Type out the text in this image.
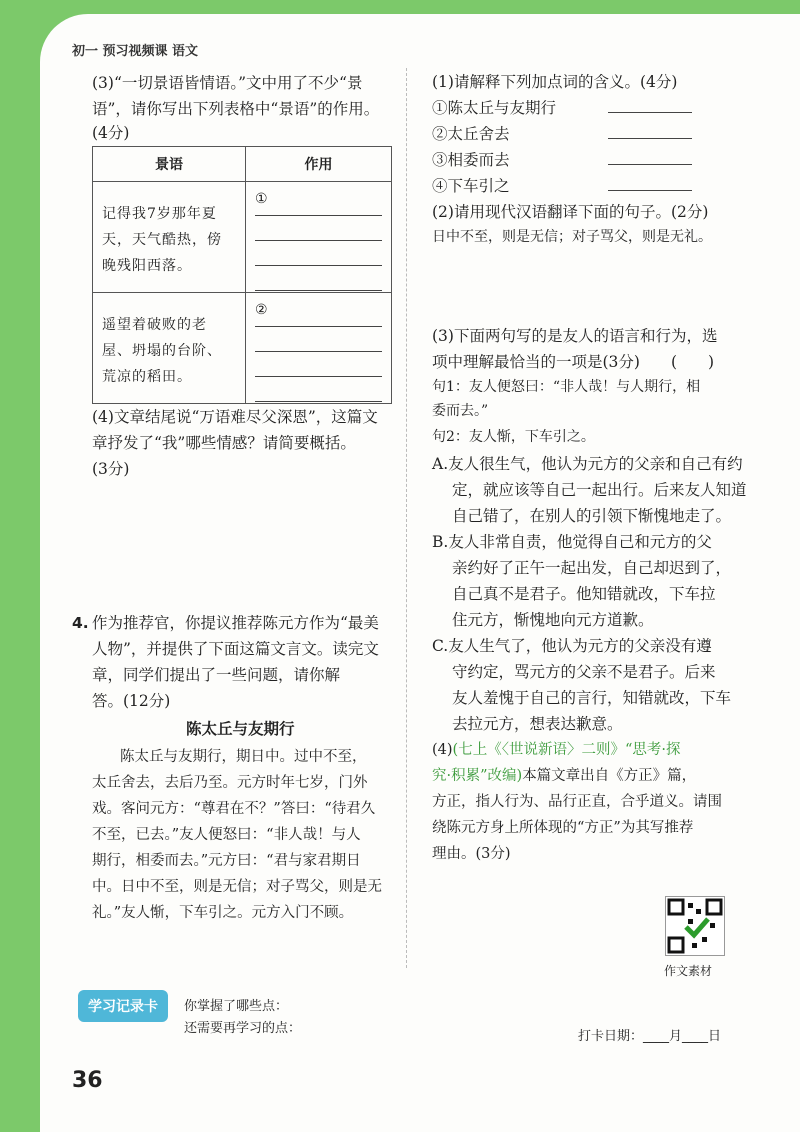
初一 预习视频课 语文
(3)“一切景语皆情语。”文中用了不少“景
语”，请你写出下列表格中“景语”的作用。
(4分)
景语	作用

记得我7岁那年夏天，天气酷热，傍晚残阳西落。	①

遥望着破败的老屋、坍塌的台阶、荒凉的稻田。	②
(4)文章结尾说“万语难尽父深恩”，这篇文
章抒发了“我”哪些情感？请简要概括。
(3分)
4. 作为推荐官，你提议推荐陈元方作为“最美
人物”，并提供了下面这篇文言文。读完文
章，同学们提出了一些问题，请你解
答。(12分)
陈太丘与友期行
陈太丘与友期行，期日中。过中不至，
太丘舍去，去后乃至。元方时年七岁，门外
戏。客问元方：“尊君在不？”答曰：“待君久
不至，已去。”友人便怒曰：“非人哉！与人
期行，相委而去。”元方曰：“君与家君期日
中。日中不至，则是无信；对子骂父，则是无
礼。”友人惭，下车引之。元方入门不顾。
(1)请解释下列加点词的含义。(4分)
①陈太丘与友期行
②太丘舍去
③相委而去
④下车引之
(2)请用现代汉语翻译下面的句子。(2分)
日中不至，则是无信；对子骂父，则是无礼。
(3)下面两句写的是友人的语言和行为，选
项中理解最恰当的一项是(3分)　　(　　)
句1：友人便怒曰：“非人哉！与人期行，相
委而去。”
句2：友人惭，下车引之。
A.友人很生气，他认为元方的父亲和自己有约
定，就应该等自己一起出行。后来友人知道
自己错了，在别人的引领下惭愧地走了。
B.友人非常自责，他觉得自己和元方的父
亲约好了正午一起出发，自己却迟到了，
自己真不是君子。他知错就改，下车拉
住元方，惭愧地向元方道歉。
C.友人生气了，他认为元方的父亲没有遵
守约定，骂元方的父亲不是君子。后来
友人羞愧于自己的言行，知错就改，下车
去拉元方，想表达歉意。
(4)(七上《〈世说新语〉二则》“思考·探
究·积累”改编)本篇文章出自《方正》篇，
方正，指人行为、品行正直，合乎道义。请围
绕陈元方身上所体现的“方正”为其写推荐
理由。(3分)
作文素材
学习记录卡	你掌握了哪些点：
还需要再学习的点：
打卡日期：____月____日
36
